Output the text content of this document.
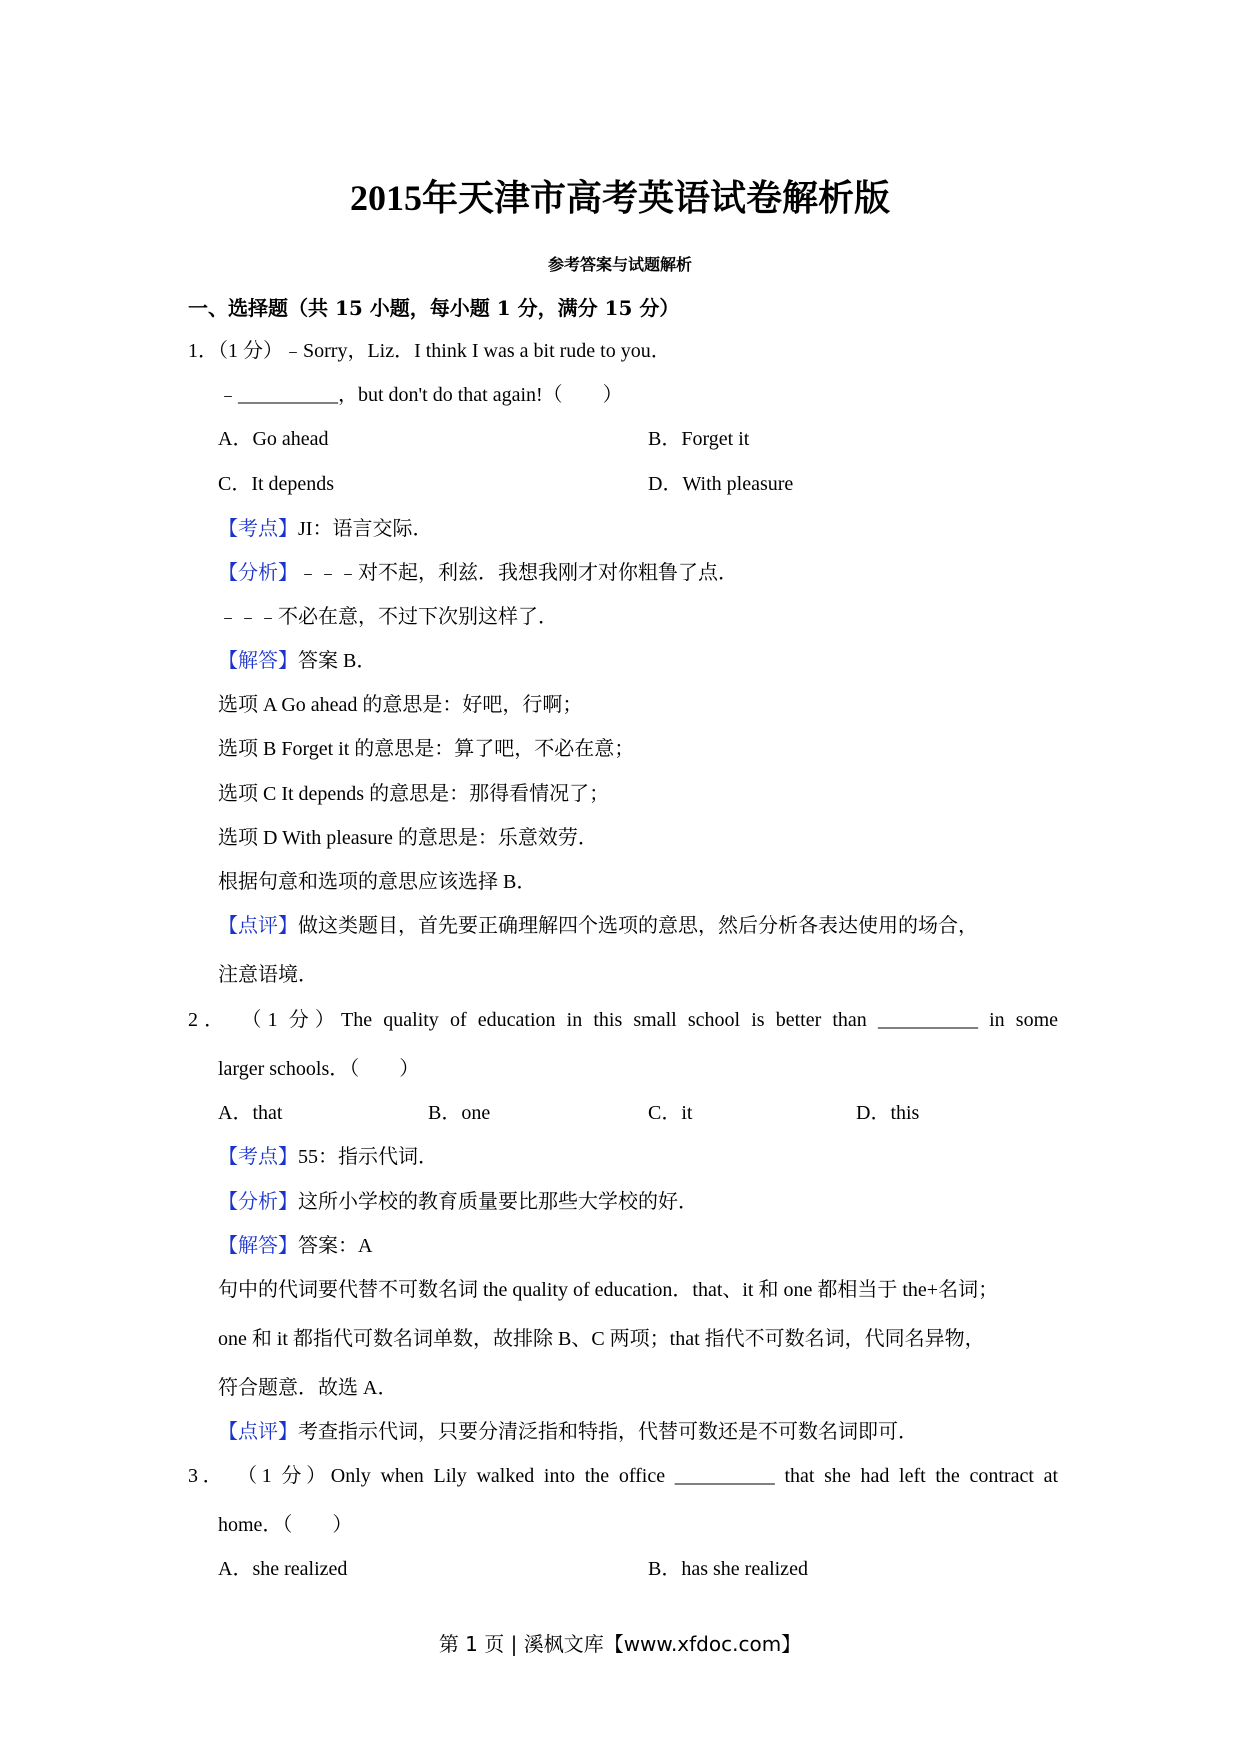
2015年天津市高考英语试卷解析版
参考答案与试题解析
一、选择题（共 15 小题，每小题 1 分，满分 15 分）
1．（1 分）﹣Sorry，Liz．I think I was a bit rude to you．
﹣__________，but don't do that again!（　　）
A．Go ahead	B．Forget it
C．It depends	D．With pleasure
【考点】JI：语言交际．
【分析】﹣﹣﹣对不起，利兹．我想我刚才对你粗鲁了点．
﹣﹣﹣不必在意，不过下次别这样了．
【解答】答案 B．
选项 A Go ahead 的意思是：好吧，行啊；
选项 B Forget it 的意思是：算了吧，不必在意；
选项 C It depends 的意思是：那得看情况了；
选项 D With pleasure 的意思是：乐意效劳．
根据句意和选项的意思应该选择 B．
【点评】做这类题目，首先要正确理解四个选项的意思，然后分析各表达使用的场合，
注意语境．
2． （1 分）The quality of education in this small school is better than __________ in some
larger schools．（　　）
A．that	B．one	C．it	D．this
【考点】55：指示代词．
【分析】这所小学校的教育质量要比那些大学校的好．
【解答】答案：A
句中的代词要代替不可数名词 the quality of education．that、it 和 one 都相当于 the+名词；
one 和 it 都指代可数名词单数，故排除 B、C 两项；that 指代不可数名词，代同名异物，
符合题意．故选 A．
【点评】考查指示代词，只要分清泛指和特指，代替可数还是不可数名词即可．
3． （1 分）Only when Lily walked into the office __________ that she had left the contract at
home．（　　）
A．she realized	B．has she realized
第 1 页 | 溪枫文库【www.xfdoc.com】
